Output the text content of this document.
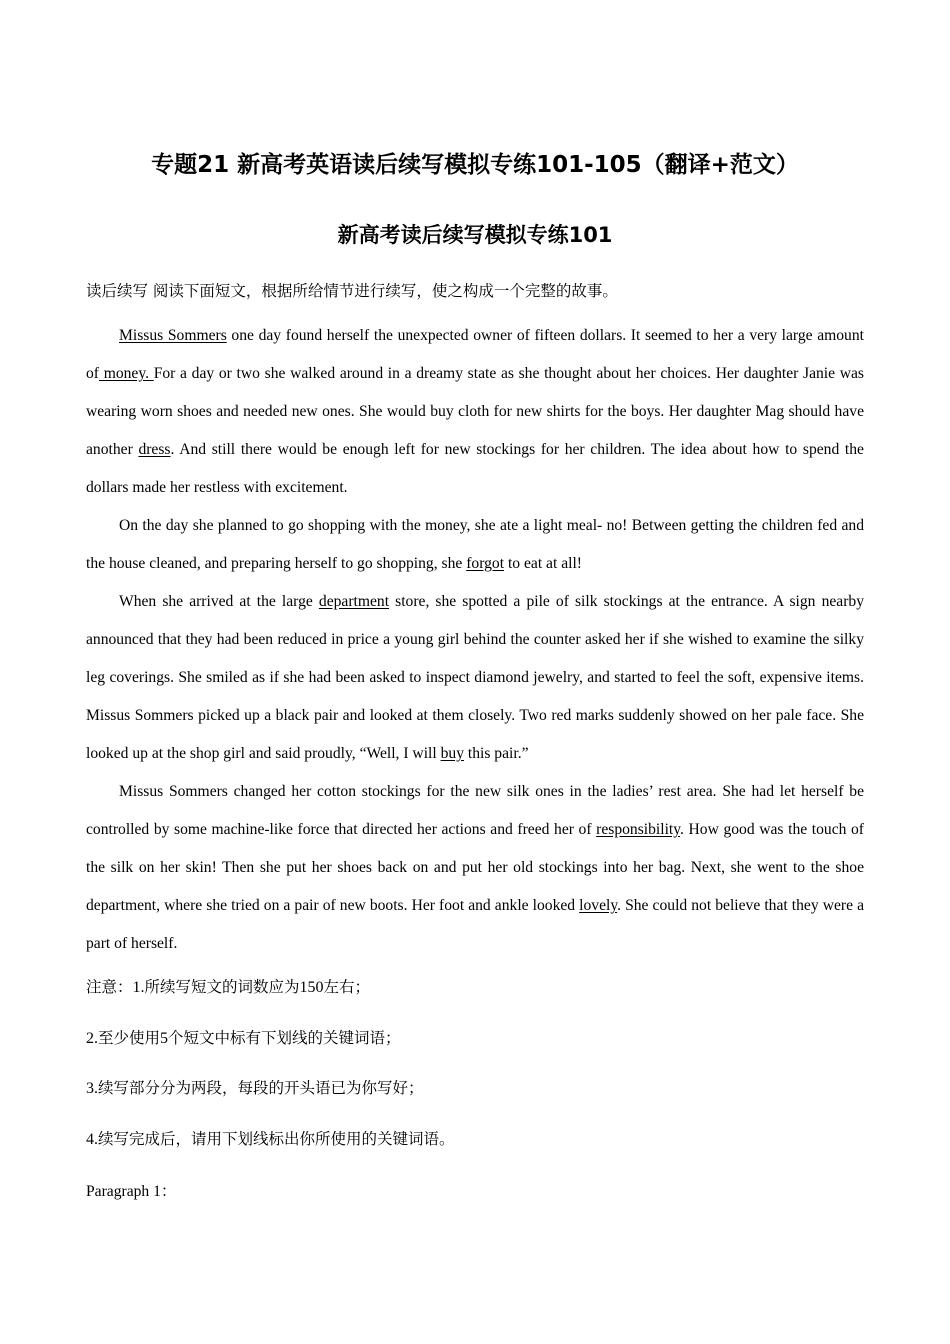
专题21 新高考英语读后续写模拟专练101-105（翻译+范文）
新高考读后续写模拟专练101
读后续写 阅读下面短文，根据所给情节进行续写，使之构成一个完整的故事。

Missus Sommers one day found herself the unexpected owner of fifteen dollars. It seemed to her a very large amount of money. For a day or two she walked around in a dreamy state as she thought about her choices. Her daughter Janie was wearing worn shoes and needed new ones. She would buy cloth for new shirts for the boys. Her daughter Mag should have another dress. And still there would be enough left for new stockings for her children. The idea about how to spend the dollars made her restless with excitement.

On the day she planned to go shopping with the money, she ate a light meal- no! Between getting the children fed and the house cleaned, and preparing herself to go shopping, she forgot to eat at all!

When she arrived at the large department store, she spotted a pile of silk stockings at the entrance. A sign nearby announced that they had been reduced in price a young girl behind the counter asked her if she wished to examine the silky leg coverings. She smiled as if she had been asked to inspect diamond jewelry, and started to feel the soft, expensive items. Missus Sommers picked up a black pair and looked at them closely. Two red marks suddenly showed on her pale face. She looked up at the shop girl and said proudly, “Well, I will buy this pair.”

Missus Sommers changed her cotton stockings for the new silk ones in the ladies’ rest area. She had let herself be controlled by some machine-like force that directed her actions and freed her of responsibility. How good was the touch of the silk on her skin! Then she put her shoes back on and put her old stockings into her bag. Next, she went to the shoe department, where she tried on a pair of new boots. Her foot and ankle looked lovely. She could not believe that they were a part of herself.

注意：1.所续写短文的词数应为150左右；
2.至少使用5个短文中标有下划线的关键词语；
3.续写部分分为两段，每段的开头语已为你写好；
4.续写完成后，请用下划线标出你所使用的关键词语。
Paragraph 1：
